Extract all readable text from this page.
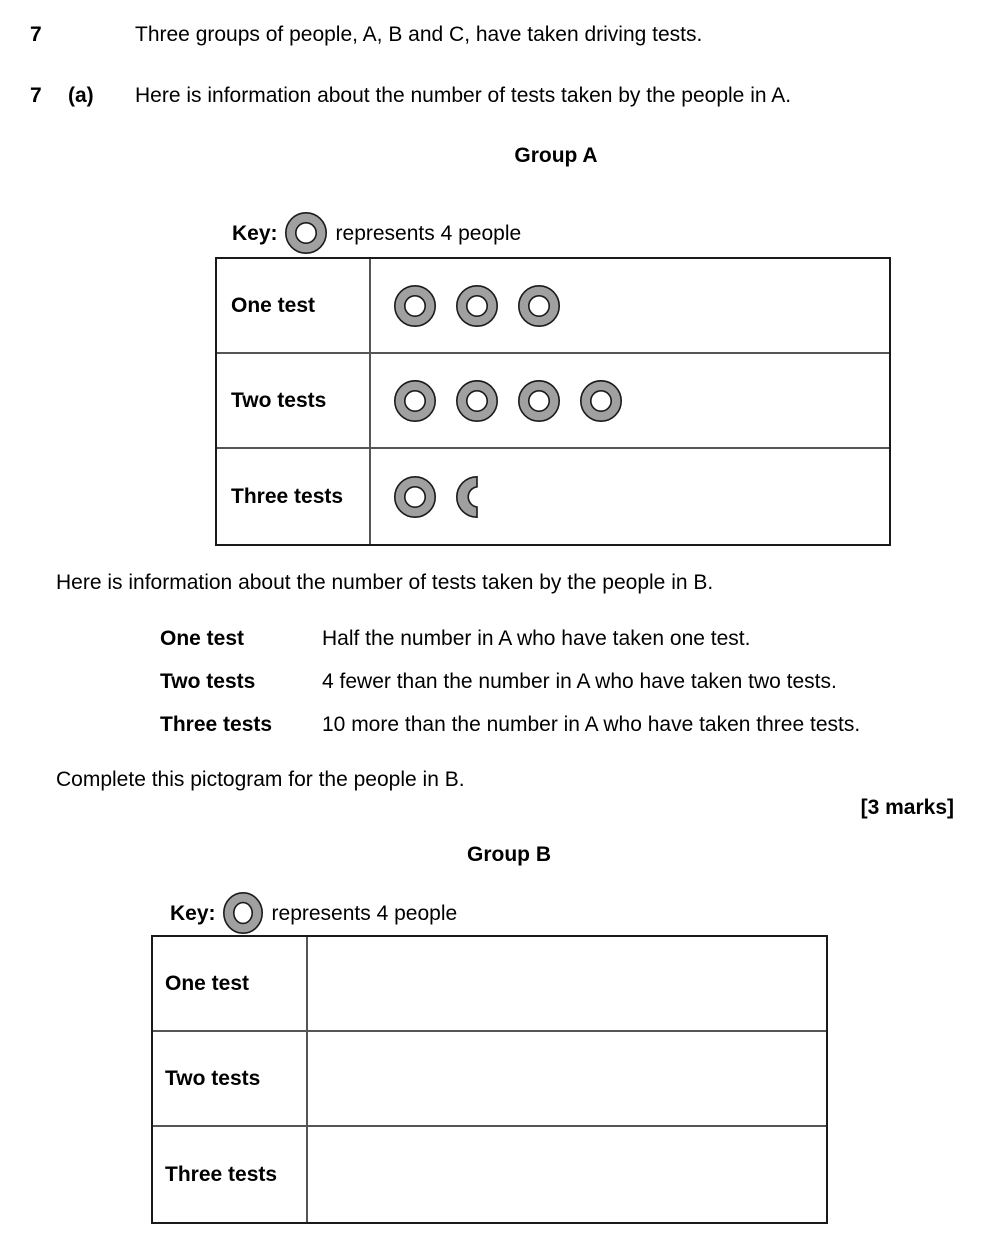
7	Three groups of people, A, B and C, have taken driving tests.
7 (a) Here is information about the number of tests taken by the people in A.
Group A
Key:	represents 4 people
One test
Two tests
Three tests
Here is information about the number of tests taken by the people in B.
One test	Half the number in A who have taken one test.
Two tests	4 fewer than the number in A who have taken two tests.
Three tests 10 more than the number in A who have taken three tests.
Complete this pictogram for the people in B.
[3 marks]
Group B
Key:	represents 4 people
One test
Two tests
Three tests
